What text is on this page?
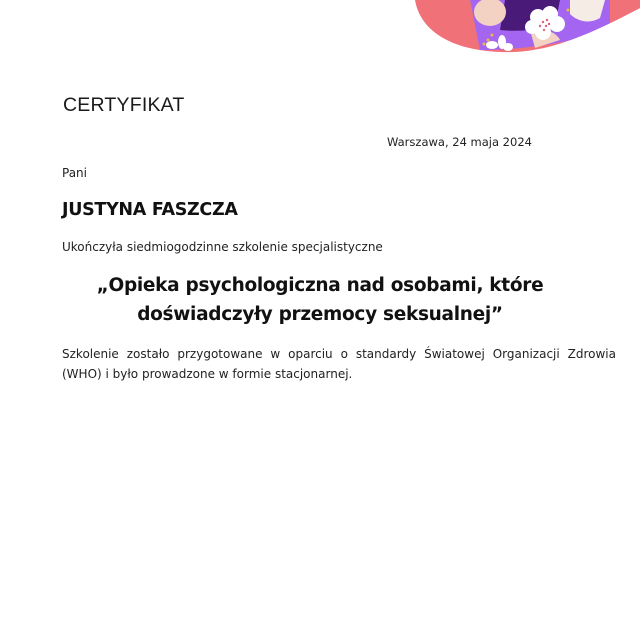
CERTYFIKAT
Warszawa, 24 maja 2024
Pani
JUSTYNA FASZCZA
Ukończyła siedmiogodzinne szkolenie specjalistyczne
„Opieka psychologiczna nad osobami, które
doświadczyły przemocy seksualnej”
Szkolenie zostało przygotowane w oparciu o standardy Światowej Organizacji Zdrowia (WHO) i było prowadzone w formie stacjonarnej.
